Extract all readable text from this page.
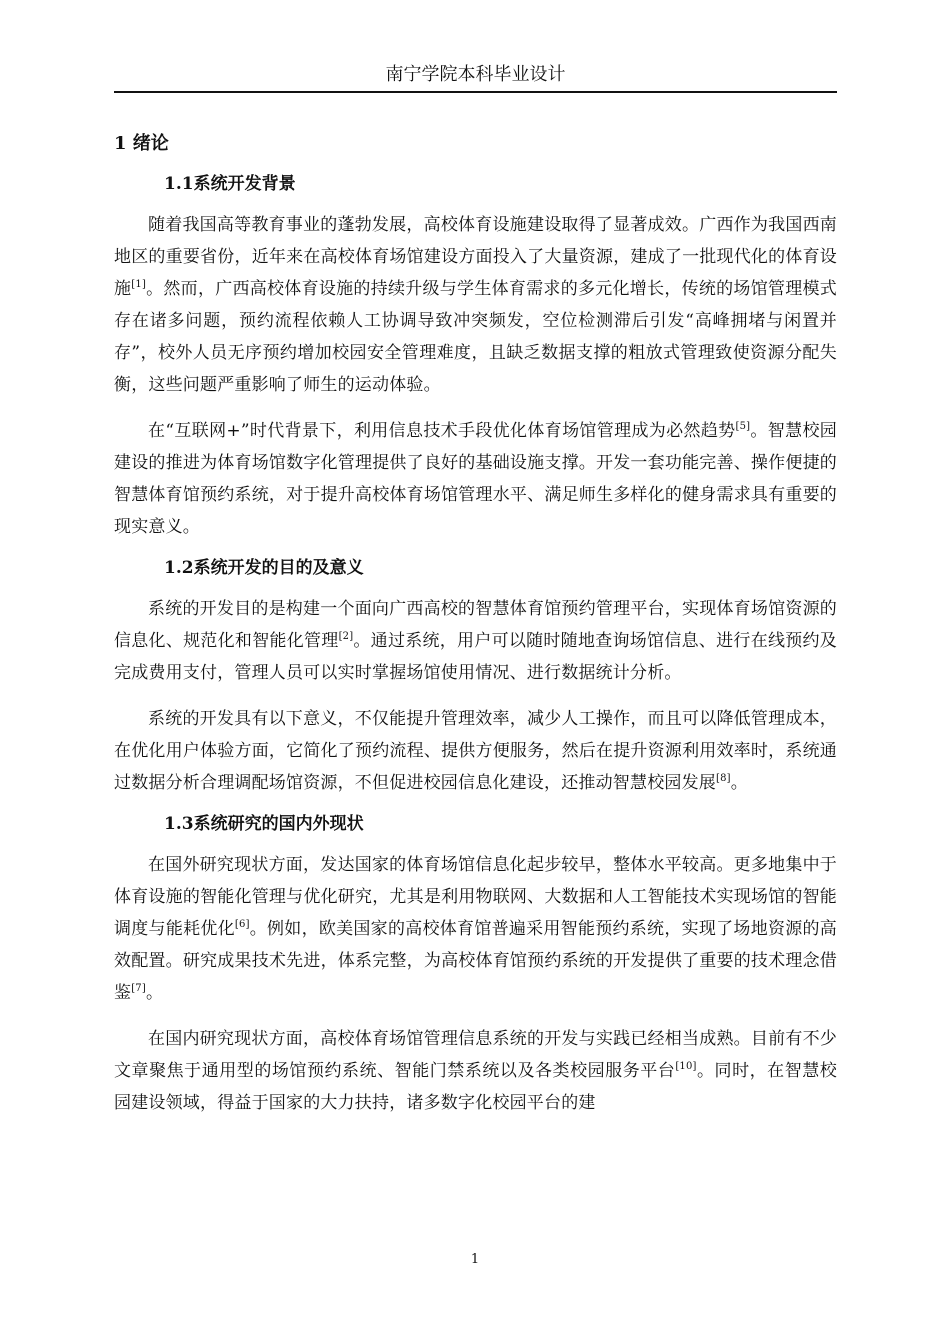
南宁学院本科毕业设计
1 绪论
1.1系统开发背景

随着我国高等教育事业的蓬勃发展，高校体育设施建设取得了显著成效。广西作为我国西南地区的重要省份，近年来在高校体育场馆建设方面投入了大量资源，建成了一批现代化的体育设施[1]。然而，广西高校体育设施的持续升级与学生体育需求的多元化增长，传统的场馆管理模式存在诸多问题，预约流程依赖人工协调导致冲突频发，空位检测滞后引发“高峰拥堵与闲置并存”，校外人员无序预约增加校园安全管理难度，且缺乏数据支撑的粗放式管理致使资源分配失衡，这些问题严重影响了师生的运动体验。

在“互联网+”时代背景下，利用信息技术手段优化体育场馆管理成为必然趋势[5]。智慧校园建设的推进为体育场馆数字化管理提供了良好的基础设施支撑。开发一套功能完善、操作便捷的智慧体育馆预约系统，对于提升高校体育场馆管理水平、满足师生多样化的健身需求具有重要的现实意义。

1.2系统开发的目的及意义

系统的开发目的是构建一个面向广西高校的智慧体育馆预约管理平台，实现体育场馆资源的信息化、规范化和智能化管理[2]。通过系统，用户可以随时随地查询场馆信息、进行在线预约及完成费用支付，管理人员可以实时掌握场馆使用情况、进行数据统计分析。

系统的开发具有以下意义，不仅能提升管理效率，减少人工操作，而且可以降低管理成本，在优化用户体验方面，它简化了预约流程、提供方便服务，然后在提升资源利用效率时，系统通过数据分析合理调配场馆资源，不但促进校园信息化建设，还推动智慧校园发展[8]。

1.3系统研究的国内外现状

在国外研究现状方面，发达国家的体育场馆信息化起步较早，整体水平较高。更多地集中于体育设施的智能化管理与优化研究，尤其是利用物联网、大数据和人工智能技术实现场馆的智能调度与能耗优化[6]。例如，欧美国家的高校体育馆普遍采用智能预约系统，实现了场地资源的高效配置。研究成果技术先进，体系完整，为高校体育馆预约系统的开发提供了重要的技术理念借鉴[7]。

在国内研究现状方面，高校体育场馆管理信息系统的开发与实践已经相当成熟。目前有不少文章聚焦于通用型的场馆预约系统、智能门禁系统以及各类校园服务平台[10]。同时，在智慧校园建设领域，得益于国家的大力扶持，诸多数字化校园平台的建

1
